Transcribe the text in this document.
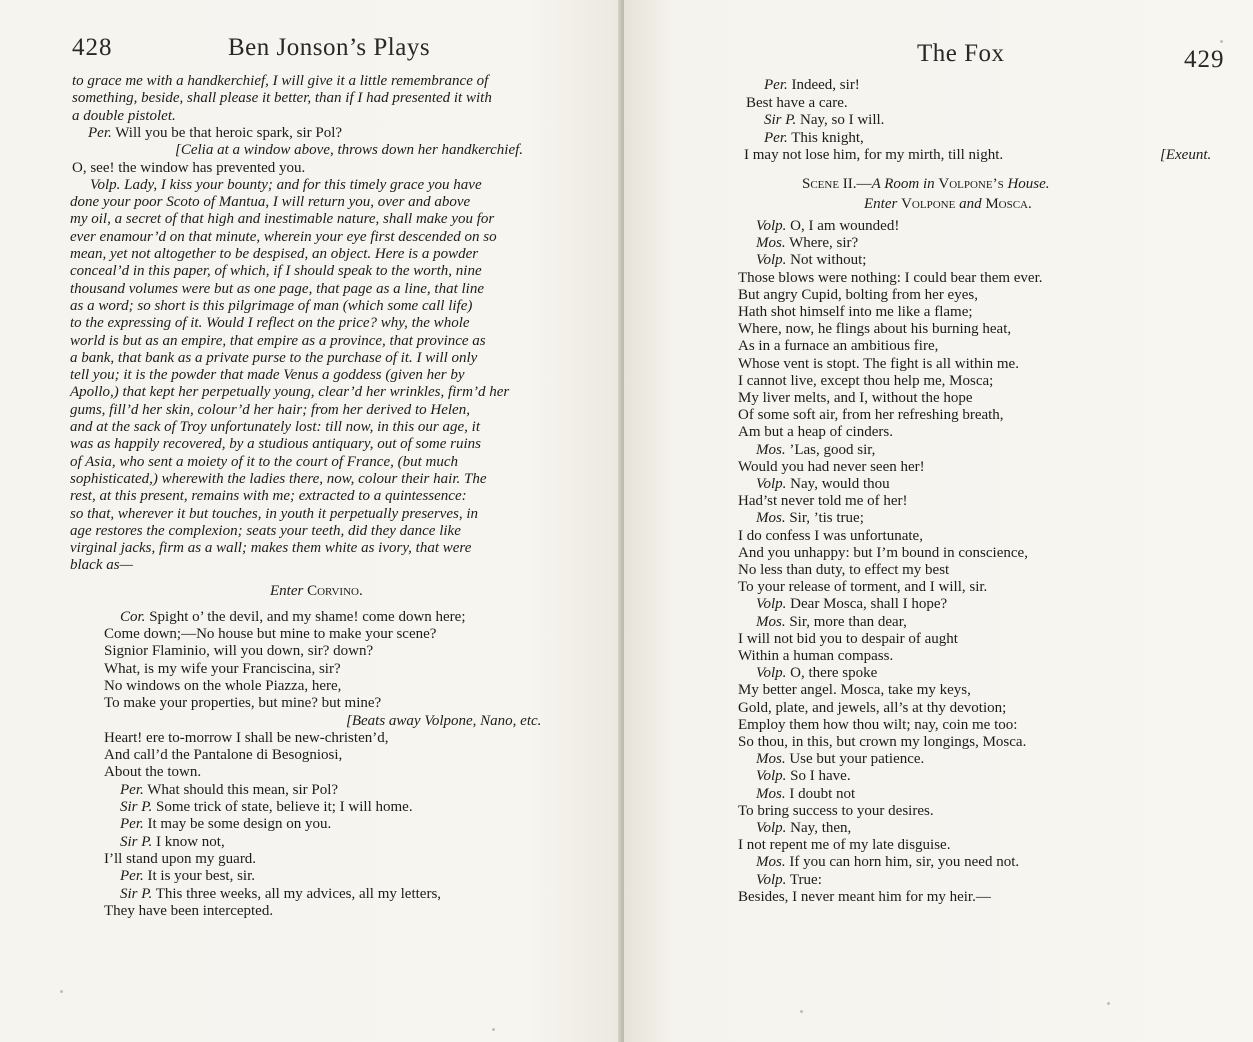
428	Ben Jonson’s Plays
to grace me with a handkerchief, I will give it a little remembrance of
something, beside, shall please it better, than if I had presented it with
a double pistolet.
Per. Will you be that heroic spark, sir Pol?
[Celia at a window above, throws down her handkerchief.
O, see! the window has prevented you.
Volp. Lady, I kiss your bounty; and for this timely grace you have
done your poor Scoto of Mantua, I will return you, over and above
my oil, a secret of that high and inestimable nature, shall make you for
ever enamour’d on that minute, wherein your eye first descended on so
mean, yet not altogether to be despised, an object. Here is a powder
conceal’d in this paper, of which, if I should speak to the worth, nine
thousand volumes were but as one page, that page as a line, that line
as a word; so short is this pilgrimage of man (which some call life)
to the expressing of it. Would I reflect on the price? why, the whole
world is but as an empire, that empire as a province, that province as
a bank, that bank as a private purse to the purchase of it. I will only
tell you; it is the powder that made Venus a goddess (given her by
Apollo,) that kept her perpetually young, clear’d her wrinkles, firm’d her
gums, fill’d her skin, colour’d her hair; from her derived to Helen,
and at the sack of Troy unfortunately lost: till now, in this our age, it
was as happily recovered, by a studious antiquary, out of some ruins
of Asia, who sent a moiety of it to the court of France, (but much
sophisticated,) wherewith the ladies there, now, colour their hair. The
rest, at this present, remains with me; extracted to a quintessence:
so that, wherever it but touches, in youth it perpetually preserves, in
age restores the complexion; seats your teeth, did they dance like
virginal jacks, firm as a wall; makes them white as ivory, that were
black as—
Enter Corvino.
Cor. Spight o’ the devil, and my shame! come down here;
Come down;—No house but mine to make your scene?
Signior Flaminio, will you down, sir? down?
What, is my wife your Franciscina, sir?
No windows on the whole Piazza, here,
To make your properties, but mine? but mine?
[Beats away Volpone, Nano, etc.
Heart! ere to-morrow I shall be new-christen’d,
And call’d the Pantalone di Besogniosi,
About the town.
Per. What should this mean, sir Pol?
Sir P. Some trick of state, believe it; I will home.
Per. It may be some design on you.
Sir P. I know not,
I’ll stand upon my guard.
Per. It is your best, sir.
Sir P. This three weeks, all my advices, all my letters,
They have been intercepted.
The Fox	429
Per. Indeed, sir!
Best have a care.
Sir P. Nay, so I will.
Per. This knight,
I may not lose him, for my mirth, till night.	[Exeunt.
Scene II.—A Room in Volpone’s House.
Enter Volpone and Mosca.
Volp. O, I am wounded!
Mos. Where, sir?
Volp. Not without;
Those blows were nothing: I could bear them ever.
But angry Cupid, bolting from her eyes,
Hath shot himself into me like a flame;
Where, now, he flings about his burning heat,
As in a furnace an ambitious fire,
Whose vent is stopt. The fight is all within me.
I cannot live, except thou help me, Mosca;
My liver melts, and I, without the hope
Of some soft air, from her refreshing breath,
Am but a heap of cinders.
Mos. ’Las, good sir,
Would you had never seen her!
Volp. Nay, would thou
Had’st never told me of her!
Mos. Sir, ’tis true;
I do confess I was unfortunate,
And you unhappy: but I’m bound in conscience,
No less than duty, to effect my best
To your release of torment, and I will, sir.
Volp. Dear Mosca, shall I hope?
Mos. Sir, more than dear,
I will not bid you to despair of aught
Within a human compass.
Volp. O, there spoke
My better angel. Mosca, take my keys,
Gold, plate, and jewels, all’s at thy devotion;
Employ them how thou wilt; nay, coin me too:
So thou, in this, but crown my longings, Mosca.
Mos. Use but your patience.
Volp. So I have.
Mos. I doubt not
To bring success to your desires.
Volp. Nay, then,
I not repent me of my late disguise.
Mos. If you can horn him, sir, you need not.
Volp. True:
Besides, I never meant him for my heir.—
